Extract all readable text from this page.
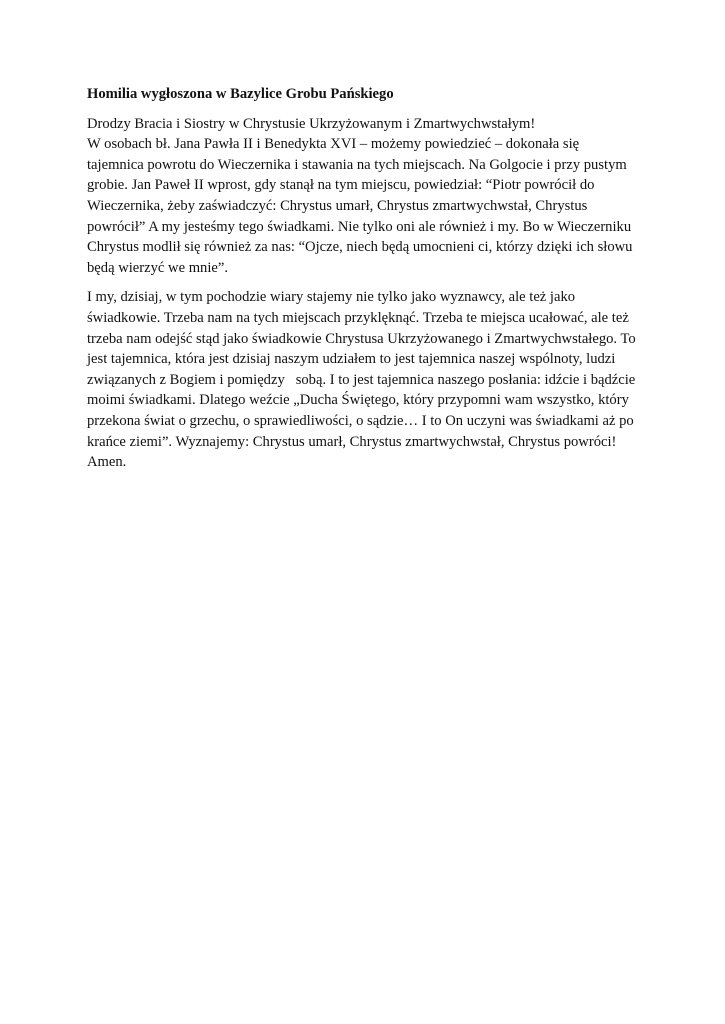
Homilia wygłoszona w Bazylice Grobu Pańskiego
Drodzy Bracia i Siostry w Chrystusie Ukrzyżowanym i Zmartwychwstałym!
W osobach bł. Jana Pawła II i Benedykta XVI – możemy powiedzieć – dokonała się
tajemnica powrotu do Wieczernika i stawania na tych miejscach. Na Golgocie i przy pustym
grobie. Jan Paweł II wprost, gdy stanął na tym miejscu, powiedział: “Piotr powrócił do
Wieczernika, żeby zaświadczyć: Chrystus umarł, Chrystus zmartwychwstał, Chrystus
powrócił” A my jesteśmy tego świadkami. Nie tylko oni ale również i my. Bo w Wieczerniku
Chrystus modlił się również za nas: “Ojcze, niech będą umocnieni ci, którzy dzięki ich słowu
będą wierzyć we mnie”.
I my, dzisiaj, w tym pochodzie wiary stajemy nie tylko jako wyznawcy, ale też jako
świadkowie. Trzeba nam na tych miejscach przyklęknąć. Trzeba te miejsca ucałować, ale też
trzeba nam odejść stąd jako świadkowie Chrystusa Ukrzyżowanego i Zmartwychwstałego. To
jest tajemnica, która jest dzisiaj naszym udziałem to jest tajemnica naszej wspólnoty, ludzi
związanych z Bogiem i pomiędzy   sobą. I to jest tajemnica naszego posłania: idźcie i bądźcie
moimi świadkami. Dlatego weźcie „Ducha Świętego, który przypomni wam wszystko, który
przekona świat o grzechu, o sprawiedliwości, o sądzie… I to On uczyni was świadkami aż po
krańce ziemi”. Wyznajemy: Chrystus umarł, Chrystus zmartwychwstał, Chrystus powróci!
Amen.
